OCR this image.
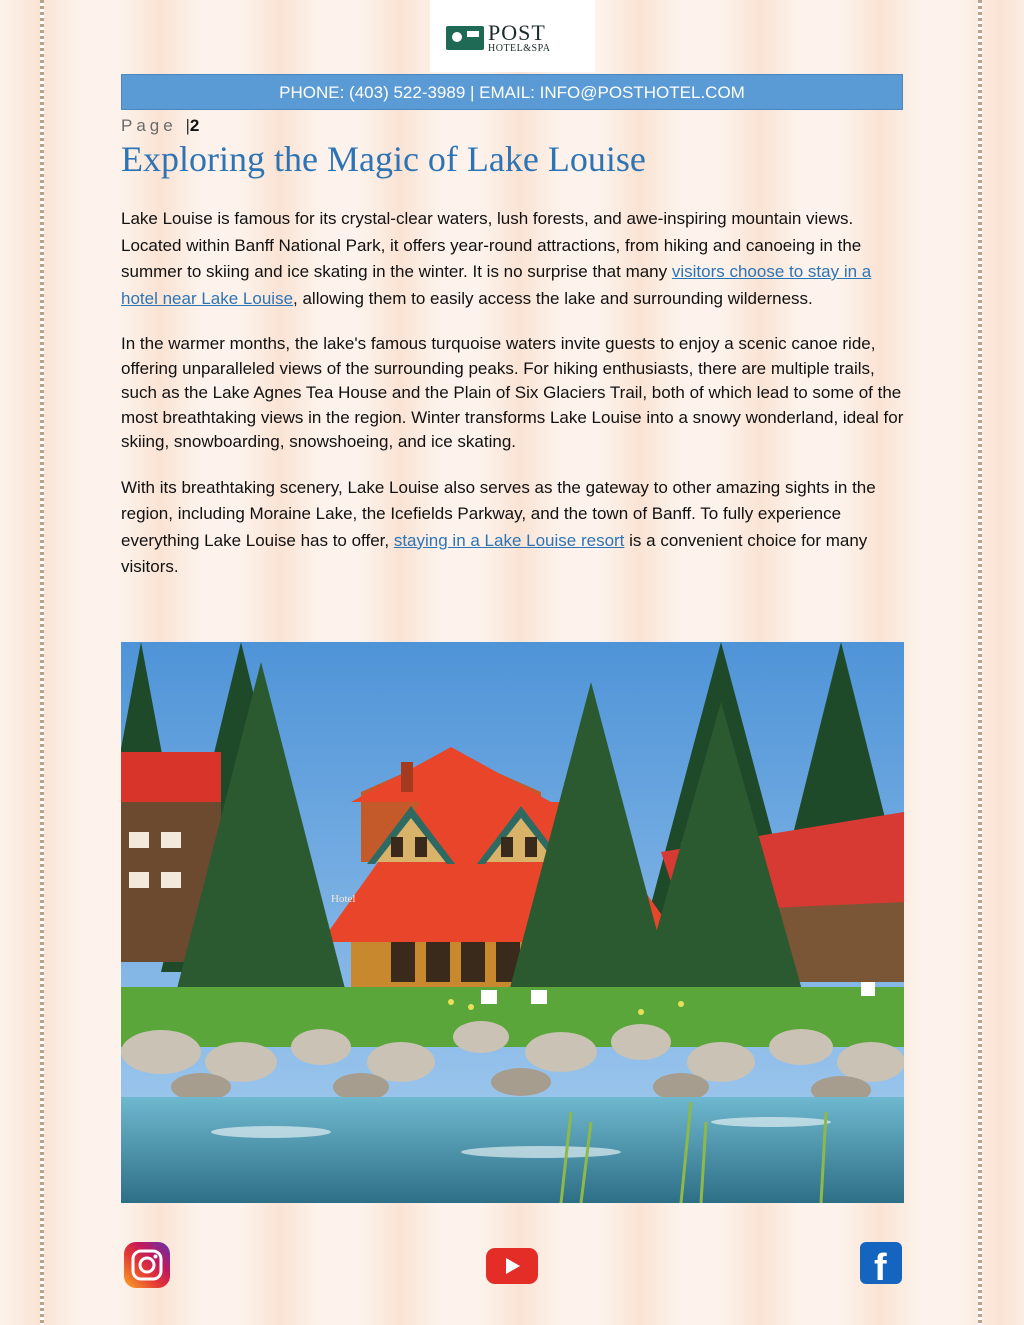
POST
HOTEL&SPA
PHONE: (403) 522-3989 | EMAIL: INFO@POSTHOTEL.COM
Page |2
Exploring the Magic of Lake Louise

Lake Louise is famous for its crystal-clear waters, lush forests, and awe-inspiring mountain views. Located within Banff National Park, it offers year-round attractions, from hiking and canoeing in the summer to skiing and ice skating in the winter. It is no surprise that many visitors choose to stay in a hotel near Lake Louise, allowing them to easily access the lake and surrounding wilderness.

In the warmer months, the lake's famous turquoise waters invite guests to enjoy a scenic canoe ride, offering unparalleled views of the surrounding peaks. For hiking enthusiasts, there are multiple trails, such as the Lake Agnes Tea House and the Plain of Six Glaciers Trail, both of which lead to some of the most breathtaking views in the region. Winter transforms Lake Louise into a snowy wonderland, ideal for skiing, snowboarding, snowshoeing, and ice skating.

With its breathtaking scenery, Lake Louise also serves as the gateway to other amazing sights in the region, including Moraine Lake, the Icefields Parkway, and the town of Banff. To fully experience everything Lake Louise has to offer, staying in a Lake Louise resort is a convenient choice for many visitors.

Hotel
f
